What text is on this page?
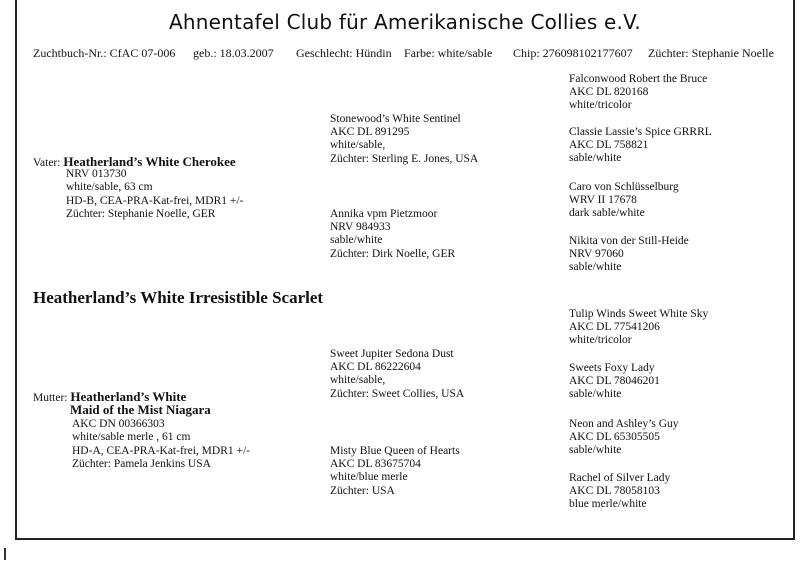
Ahnentafel Club für Amerikanische Collies e.V.
Zuchtbuch-Nr.: CfAC 07-006 geb.: 18.03.2007 Geschlecht: Hündin Farbe: white/sable Chip: 276098102177607 Züchter: Stephanie Noelle
Vater: Heatherland’s White Cherokee
NRV 013730
white/sable, 63 cm
HD-B, CEA-PRA-Kat-frei, MDR1 +/-
Züchter: Stephanie Noelle, GER
Heatherland’s White Irresistible Scarlet
Mutter: Heatherland’s White
Maid of the Mist Niagara
AKC DN 00366303
white/sable merle , 61 cm
HD-A, CEA-PRA-Kat-frei, MDR1 +/-
Züchter: Pamela Jenkins USA
Stonewood’s White Sentinel
AKC DL 891295
white/sable,
Züchter: Sterling E. Jones, USA
Annika vpm Pietzmoor
NRV 984933
sable/white
Züchter: Dirk Noelle, GER
Sweet Jupiter Sedona Dust
AKC DL 86222604
white/sable,
Züchter: Sweet Collies, USA
Misty Blue Queen of Hearts
AKC DL 83675704
white/blue merle
Züchter: USA
Falconwood Robert the Bruce
AKC DL 820168
white/tricolor
Classie Lassie’s Spice GRRRL
AKC DL 758821
sable/white
Caro von Schlüsselburg
WRV II 17678
dark sable/white
Nikita von der Still-Heide
NRV 97060
sable/white
Tulip Winds Sweet White Sky
AKC DL 77541206
white/tricolor
Sweets Foxy Lady
AKC DL 78046201
sable/white
Neon and Ashley’s Guy
AKC DL 65305505
sable/white
Rachel of Silver Lady
AKC DL 78058103
blue merle/white
